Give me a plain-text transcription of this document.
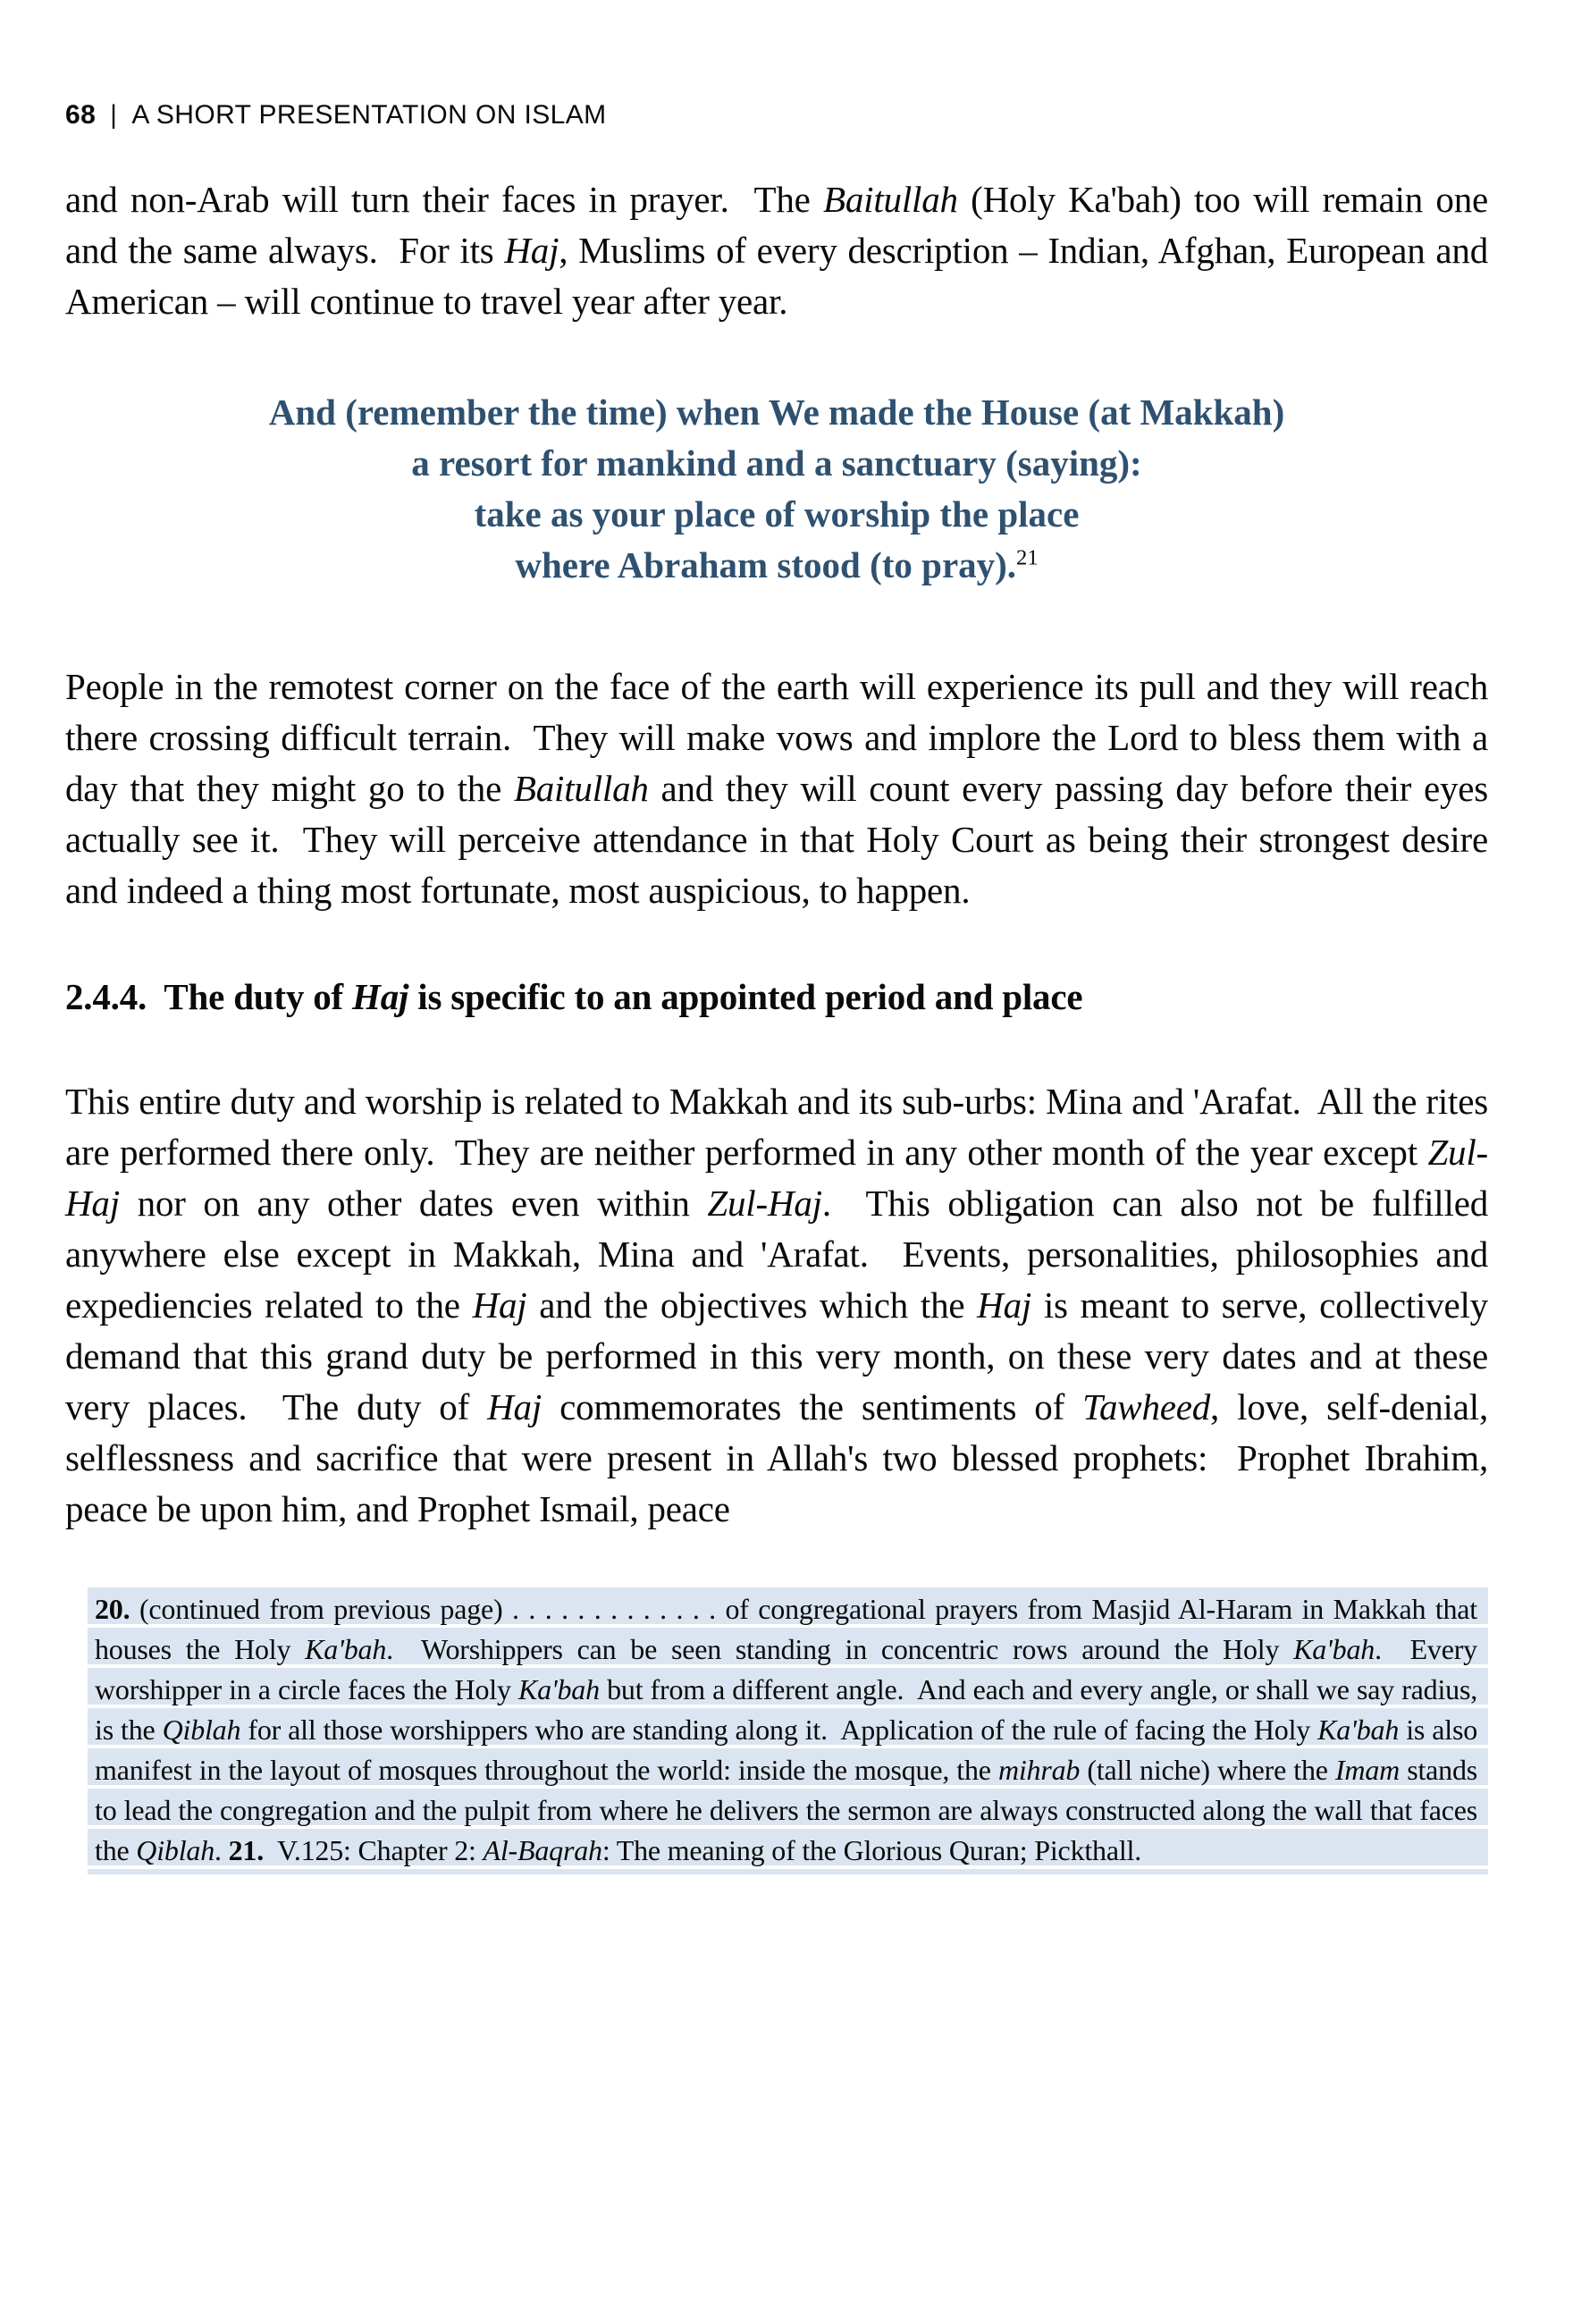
68 | A SHORT PRESENTATION ON ISLAM

and non-Arab will turn their faces in prayer.  The Baitullah (Holy Ka'bah) too will remain one and the same always.  For its Haj, Muslims of every description – Indian, Afghan, European and American – will continue to travel year after year.

And (remember the time) when We made the House (at Makkah)
a resort for mankind and a sanctuary (saying):
take as your place of worship the place
where Abraham stood (to pray).$^{21}$

People in the remotest corner on the face of the earth will experience its pull and they will reach there crossing difficult terrain.  They will make vows and implore the Lord to bless them with a day that they might go to the Baitullah and they will count every passing day before their eyes actually see it.  They will perceive attendance in that Holy Court as being their strongest desire and indeed a thing most fortunate, most auspicious, to happen.

2.4.4.  The duty of Haj is specific to an appointed period and place

This entire duty and worship is related to Makkah and its sub-urbs: Mina and 'Arafat.  All the rites are performed there only.  They are neither performed in any other month of the year except Zul-Haj nor on any other dates even within Zul-Haj.  This obligation can also not be fulfilled anywhere else except in Makkah, Mina and 'Arafat.  Events, personalities, philosophies and expediencies related to the Haj and the objectives which the Haj is meant to serve, collectively demand that this grand duty be performed in this very month, on these very dates and at these very places.  The duty of Haj commemorates the sentiments of Tawheed, love, self-denial, selflessness and sacrifice that were present in Allah's two blessed prophets:  Prophet Ibrahim, peace be upon him, and Prophet Ismail, peace

20. (continued from previous page) . . . . . . . . . . . . . of congregational prayers from Masjid Al-Haram in Makkah that houses the Holy Ka'bah.  Worshippers can be seen standing in concentric rows around the Holy Ka'bah.  Every worshipper in a circle faces the Holy Ka'bah but from a different angle.  And each and every angle, or shall we say radius, is the Qiblah for all those worshippers who are standing along it.  Application of the rule of facing the Holy Ka'bah is also manifest in the layout of mosques throughout the world: inside the mosque, the mihrab (tall niche) where the Imam stands to lead the congregation and the pulpit from where he delivers the sermon are always constructed along the wall that faces the Qiblah. 21.  V.125: Chapter 2: Al-Baqrah: The meaning of the Glorious Quran; Pickthall.
